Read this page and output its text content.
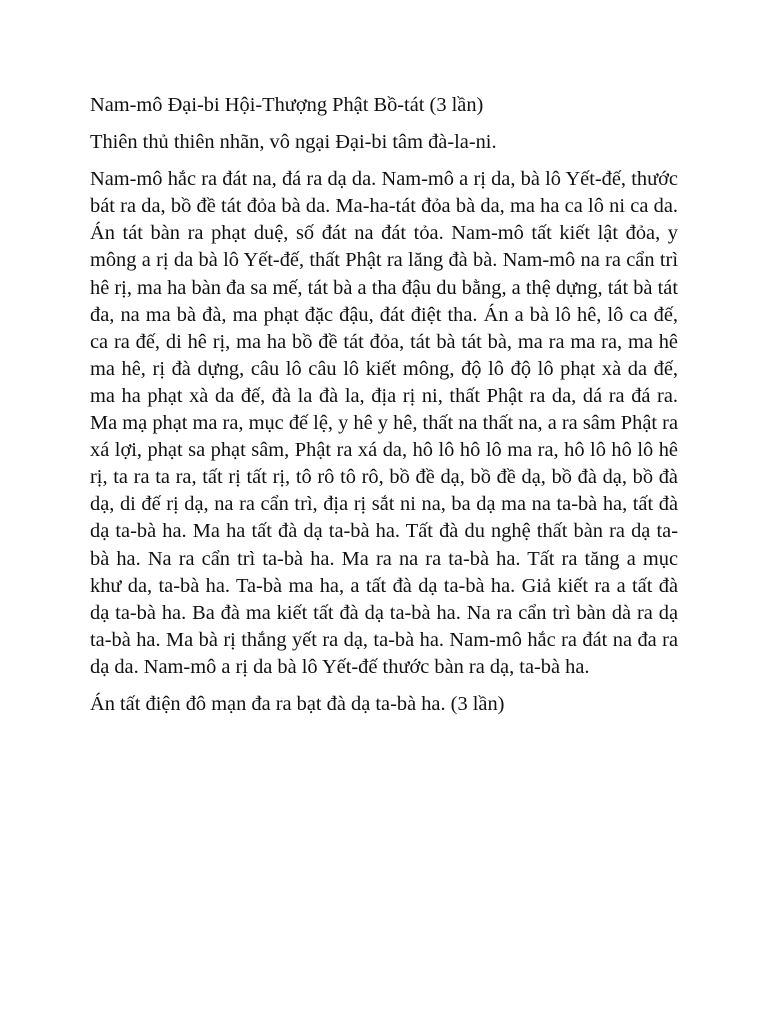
Nam-mô Đại-bi Hội-Thượng Phật Bồ-tát (3 lần)

Thiên thủ thiên nhãn, vô ngại Đại-bi tâm đà-la-ni.

Nam-mô hắc ra đát na, đá ra dạ da. Nam-mô a rị da, bà lô Yết-đế, thước bát ra da, bồ đề tát đỏa bà da. Ma-ha-tát đỏa bà da, ma ha ca lô ni ca da. Án tát bàn ra phạt duệ, số đát na đát tỏa. Nam-mô tất kiết lật đỏa, y mông a rị da bà lô Yết-đế, thất Phật ra lăng đà bà. Nam-mô na ra cẩn trì hê rị, ma ha bàn đa sa mế, tát bà a tha đậu du bằng, a thệ dựng, tát bà tát đa, na ma bà đà, ma phạt đặc đậu, đát điệt tha. Án a bà lô hê, lô ca đế, ca ra đế, di hê rị, ma ha bồ đề tát đỏa, tát bà tát bà, ma ra ma ra, ma hê ma hê, rị đà dựng, câu lô câu lô kiết mông, độ lô độ lô phạt xà da đế, ma ha phạt xà da đế, đà la đà la, địa rị ni, thất Phật ra da, dá ra đá ra. Ma mạ phạt ma ra, mục đế lệ, y hê y hê, thất na thất na, a ra sâm Phật ra xá lợi, phạt sa phạt sâm, Phật ra xá da, hô lô hô lô ma ra, hô lô hô lô hê rị, ta ra ta ra, tất rị tất rị, tô rô tô rô, bồ đề dạ, bồ đề dạ, bồ đà dạ, bồ đà dạ, di đế rị dạ, na ra cẩn trì, địa rị sắt ni na, ba dạ ma na ta-bà ha, tất đà dạ ta-bà ha. Ma ha tất đà dạ ta-bà ha. Tất đà du nghệ thất bàn ra dạ ta-bà ha. Na ra cẩn trì ta-bà ha. Ma ra na ra ta-bà ha. Tất ra tăng a mục khư da, ta-bà ha. Ta-bà ma ha, a tất đà dạ ta-bà ha. Giả kiết ra a tất đà dạ ta-bà ha. Ba đà ma kiết tất đà dạ ta-bà ha. Na ra cẩn trì bàn dà ra dạ ta-bà ha. Ma bà rị thắng yết ra dạ, ta-bà ha. Nam-mô hắc ra đát na đa ra dạ da. Nam-mô a rị da bà lô Yết-đế thước bàn ra dạ, ta-bà ha.

Án tất điện đô mạn đa ra bạt đà dạ ta-bà ha. (3 lần)
